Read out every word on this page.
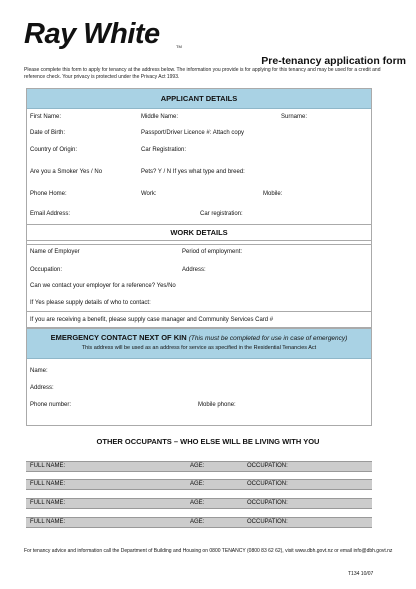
Ray White	TM
Pre-tenancy application form
Please complete this form to apply for tenancy at the address below. The information you provide is for applying for this tenancy and may be used for a credit and reference check. Your privacy is protected under the Privacy Act 1993.
APPLICANT DETAILS
First Name:	Middle Name:	Surname:
Date of Birth:	Passport/Driver Licence #: Attach copy
Country of Origin:	Car Registration:
Are you a Smoker Yes / No	Pets? Y / N If yes what type and breed:
Phone Home:	Work:	Mobile:
Email Address:	Car registration:
WORK DETAILS
Name of Employer	Period of employment:
Occupation:	Address:
Can we contact your employer for a reference? Yes/No
If Yes please supply details of who to contact:
If you are receiving a benefit, please supply case manager and Community Services Card #
EMERGENCY CONTACT NEXT OF KIN (This must be completed for use in case of emergency)
This address will be used as an address for service as specified in the Residential Tenancies Act
Name:
Address:
Phone number:	Mobile phone:
OTHER OCCUPANTS – WHO ELSE WILL BE LIVING WITH YOU
FULL NAME:	AGE:	OCCUPATION:
FULL NAME:	AGE:	OCCUPATION:
FULL NAME:	AGE:	OCCUPATION:
FULL NAME:	AGE:	OCCUPATION:
For tenancy advice and information call the Department of Building and Housing on 0800 TENANCY (0800 83 62 62), visit www.dbh.govt.nz or email info@dbh.govt.nz
T134 10/07
